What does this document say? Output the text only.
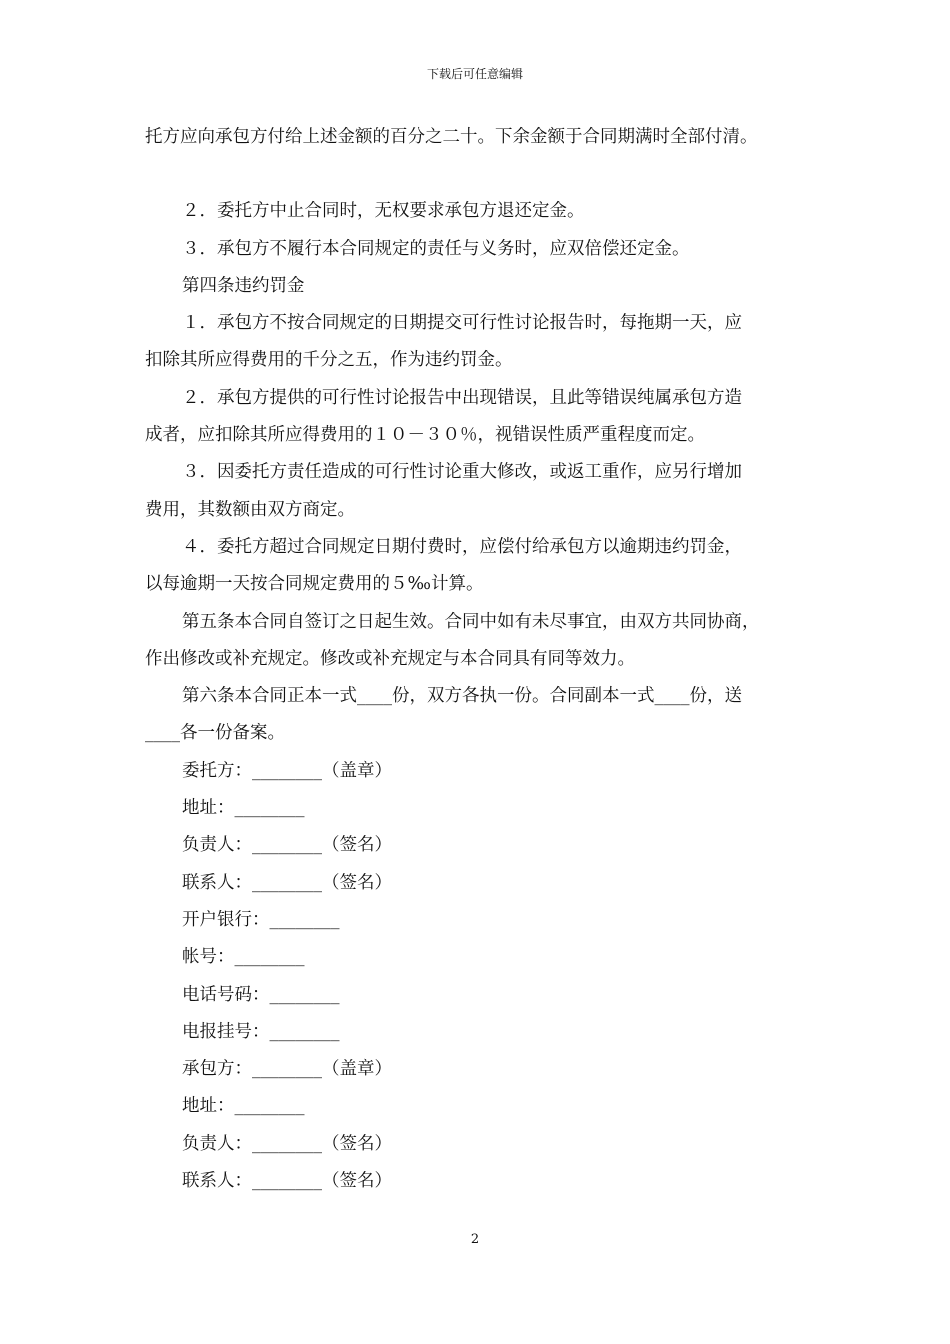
下载后可任意编辑

托方应向承包方付给上述金额的百分之二十。下余金额于合同期满时全部付清。

２．委托方中止合同时，无权要求承包方退还定金。

３．承包方不履行本合同规定的责任与义务时，应双倍偿还定金。

第四条违约罚金

１．承包方不按合同规定的日期提交可行性讨论报告时，每拖期一天，应

扣除其所应得费用的千分之五，作为违约罚金。

２．承包方提供的可行性讨论报告中出现错误，且此等错误纯属承包方造

成者，应扣除其所应得费用的１０－３０％，视错误性质严重程度而定。

３．因委托方责任造成的可行性讨论重大修改，或返工重作，应另行增加

费用，其数额由双方商定。

４．委托方超过合同规定日期付费时，应偿付给承包方以逾期违约罚金，

以每逾期一天按合同规定费用的５‰计算。

第五条本合同自签订之日起生效。合同中如有未尽事宜，由双方共同协商，

作出修改或补充规定。修改或补充规定与本合同具有同等效力。

第六条本合同正本一式____份，双方各执一份。合同副本一式____份，送

____各一份备案。

委托方：________（盖章）

地址：________

负责人：________（签名）

联系人：________（签名）

开户银行：________

帐号：________

电话号码：________

电报挂号：________

承包方：________（盖章）

地址：________

负责人：________（签名）

联系人：________（签名）

2
